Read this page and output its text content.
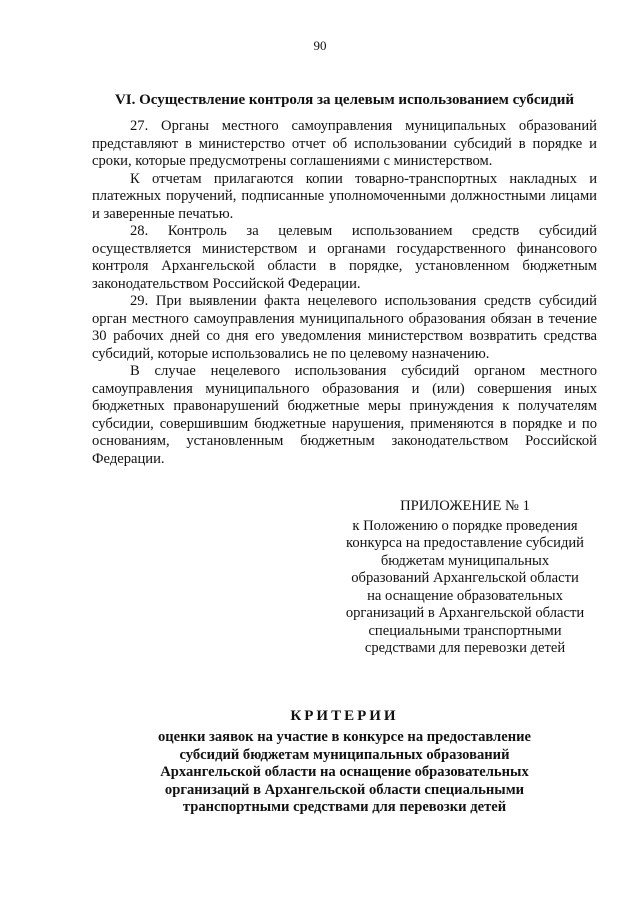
90
VI. Осуществление контроля за целевым использованием субсидий

27. Органы местного самоуправления муниципальных образований представляют в министерство отчет об использовании субсидий в порядке и сроки, которые предусмотрены соглашениями с министерством.

К отчетам прилагаются копии товарно-транспортных накладных и платежных поручений, подписанные уполномоченными должностными лицами и заверенные печатью.

28. Контроль за целевым использованием средств субсидий осуществляется министерством и органами государственного финансового контроля Архангельской области в порядке, установленном бюджетным законодательством Российской Федерации.

29. При выявлении факта нецелевого использования средств субсидий орган местного самоуправления муниципального образования обязан в течение 30 рабочих дней со дня его уведомления министерством возвратить средства субсидий, которые использовались не по целевому назначению.

В случае нецелевого использования субсидий органом местного самоуправления муниципального образования и (или) совершения иных бюджетных правонарушений бюджетные меры принуждения к получателям субсидии, совершившим бюджетные нарушения, применяются в порядке и по основаниям, установленным бюджетным законодательством Российской Федерации.

ПРИЛОЖЕНИЕ № 1
к Положению о порядке проведения
конкурса на предоставление субсидий
бюджетам муниципальных
образований Архангельской области
на оснащение образовательных
организаций в Архангельской области
специальными транспортными
средствами для перевозки детей
КРИТЕРИИ
оценки заявок на участие в конкурсе на предоставление субсидий бюджетам муниципальных образований Архангельской области на оснащение образовательных организаций в Архангельской области специальными транспортными средствами для перевозки детей
